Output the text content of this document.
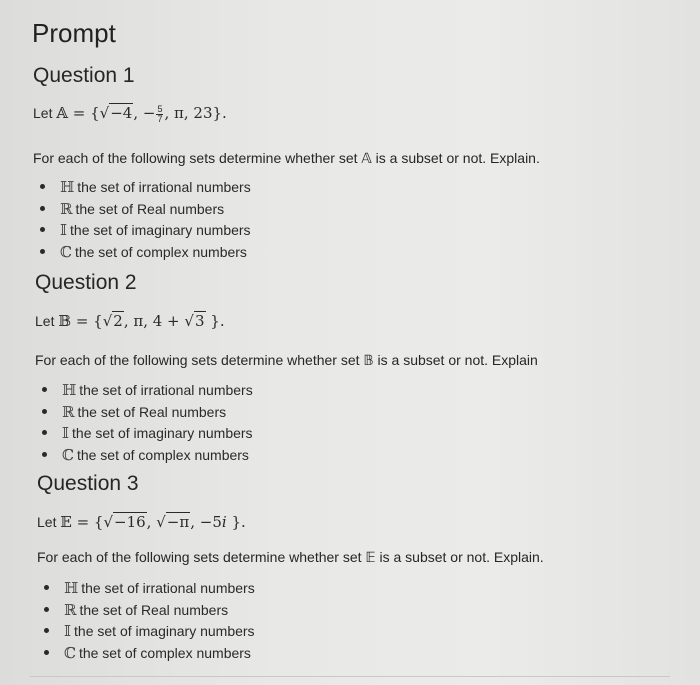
Prompt
Question 1
Let 𝔸 = {√−4, − $\frac{5}{7}$ , π, 23}.
For each of the following sets determine whether set 𝔸 is a subset or not. Explain.
ℍ the set of irrational numbers
ℝ the set of Real numbers
𝕀 the set of imaginary numbers
ℂ the set of complex numbers
Question 2
Let 𝔹 = {√2, π, 4 + √3 }.
For each of the following sets determine whether set 𝔹 is a subset or not. Explain
ℍ the set of irrational numbers
ℝ the set of Real numbers
𝕀 the set of imaginary numbers
ℂ the set of complex numbers
Question 3
Let 𝔼 = {√−16, √−π, −5i }.
For each of the following sets determine whether set 𝔼 is a subset or not. Explain.
ℍ the set of irrational numbers
ℝ the set of Real numbers
𝕀 the set of imaginary numbers
ℂ the set of complex numbers
